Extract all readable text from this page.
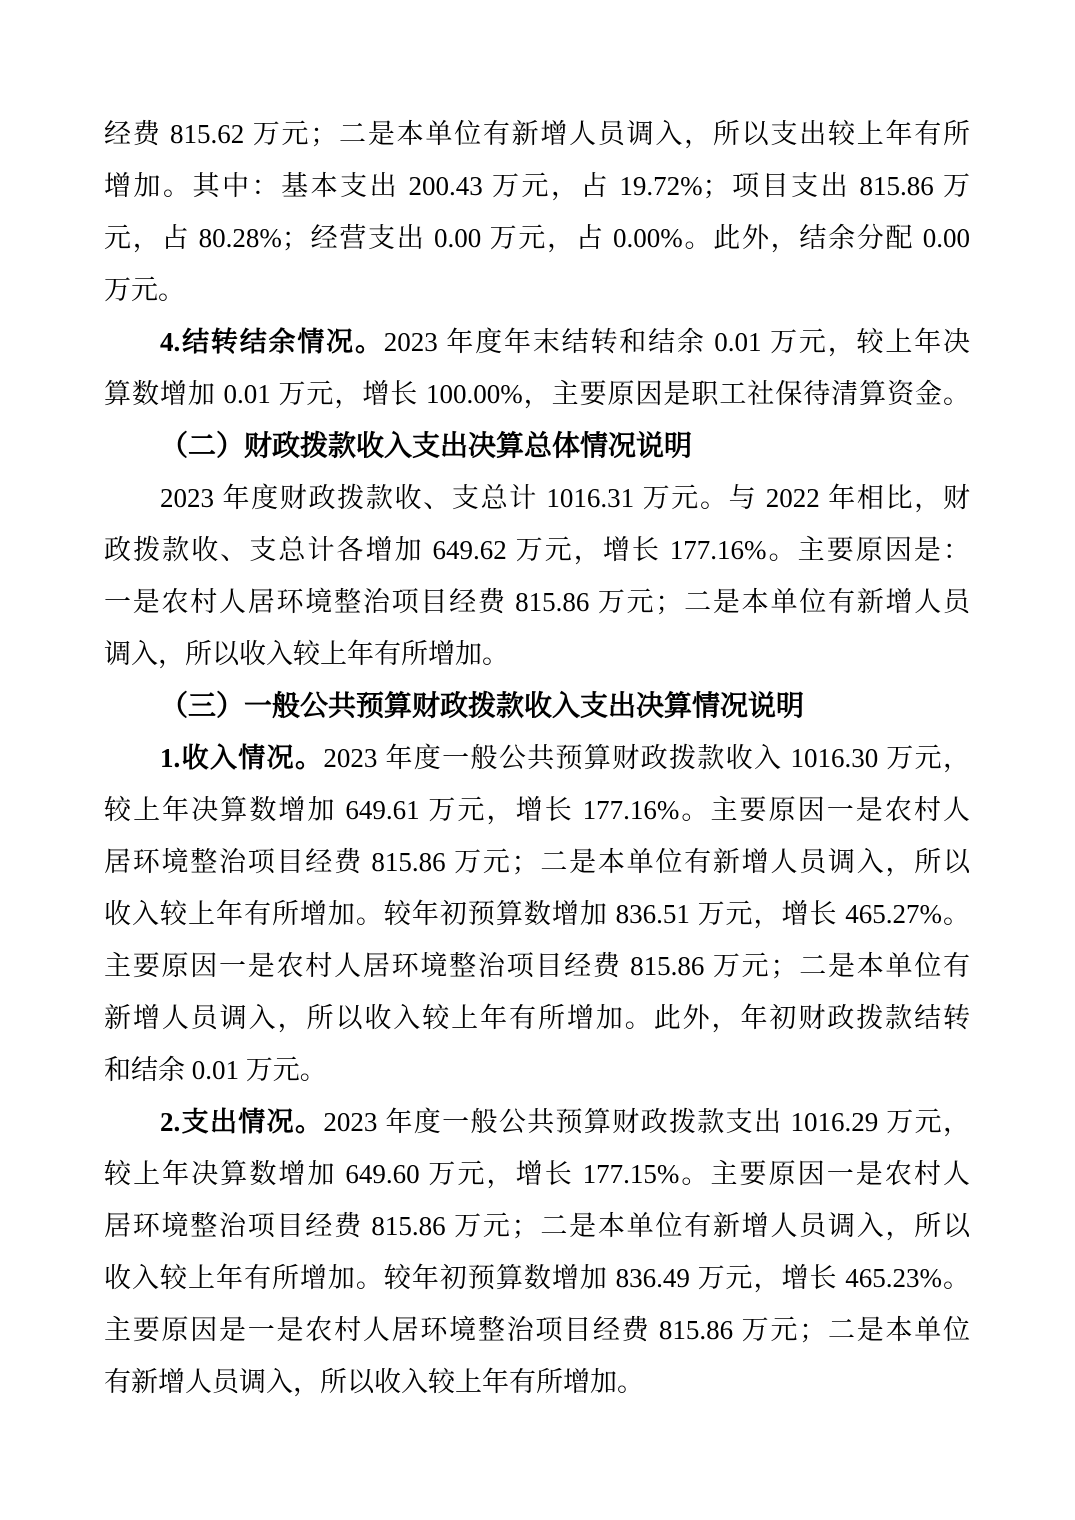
经费 815.62 万元；二是本单位有新增人员调入，所以支出较上年有所
增加。其中：基本支出 200.43 万元，占 19.72%；项目支出 815.86 万
元，占 80.28%；经营支出 0.00 万元，占 0.00%。此外，结余分配 0.00
万元。
4.结转结余情况。2023 年度年末结转和结余 0.01 万元，较上年决
算数增加 0.01 万元，增长 100.00%，主要原因是职工社保待清算资金。
（二）财政拨款收入支出决算总体情况说明
2023 年度财政拨款收、支总计 1016.31 万元。与 2022 年相比，财
政拨款收、支总计各增加 649.62 万元，增长 177.16%。主要原因是：
一是农村人居环境整治项目经费 815.86 万元；二是本单位有新增人员
调入，所以收入较上年有所增加。
（三）一般公共预算财政拨款收入支出决算情况说明
1.收入情况。2023 年度一般公共预算财政拨款收入 1016.30 万元，
较上年决算数增加 649.61 万元，增长 177.16%。主要原因一是农村人
居环境整治项目经费 815.86 万元；二是本单位有新增人员调入，所以
收入较上年有所增加。较年初预算数增加 836.51 万元，增长 465.27%。
主要原因一是农村人居环境整治项目经费 815.86 万元；二是本单位有
新增人员调入，所以收入较上年有所增加。此外，年初财政拨款结转
和结余 0.01 万元。
2.支出情况。2023 年度一般公共预算财政拨款支出 1016.29 万元，
较上年决算数增加 649.60 万元，增长 177.15%。主要原因一是农村人
居环境整治项目经费 815.86 万元；二是本单位有新增人员调入，所以
收入较上年有所增加。较年初预算数增加 836.49 万元，增长 465.23%。
主要原因是一是农村人居环境整治项目经费 815.86 万元；二是本单位
有新增人员调入，所以收入较上年有所增加。
